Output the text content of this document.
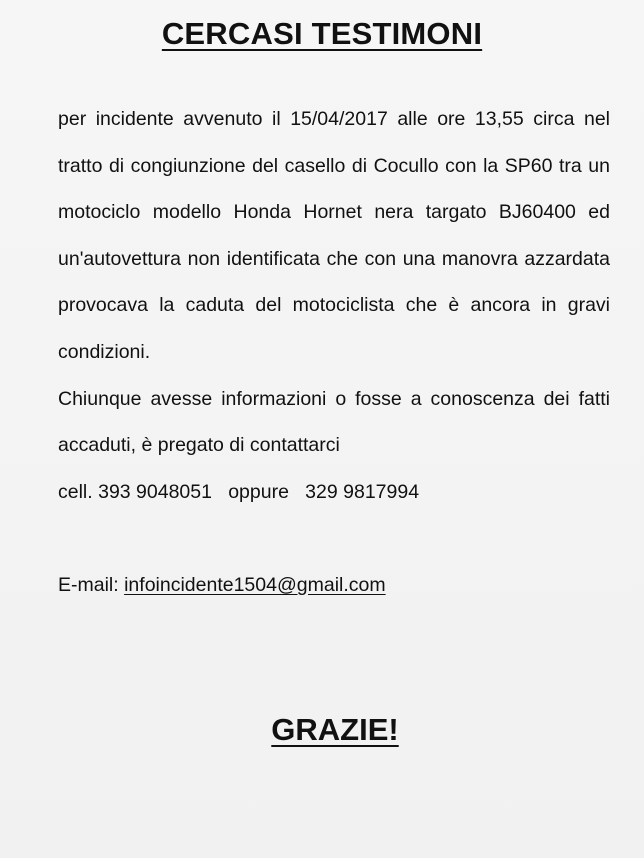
CERCASI TESTIMONI

per incidente avvenuto il 15/04/2017 alle ore 13,55 circa nel tratto di congiunzione del casello di Cocullo con la SP60 tra un motociclo modello Honda Hornet nera targato BJ60400 ed un'autovettura non identificata che con una manovra azzardata provocava la caduta del motociclista che è ancora in gravi condizioni.

Chiunque avesse informazioni o fosse a conoscenza dei fatti accaduti, è pregato di contattarci

cell. 393 9048051   oppure   329 9817994

E-mail: infoincidente1504@gmail.com

GRAZIE!
